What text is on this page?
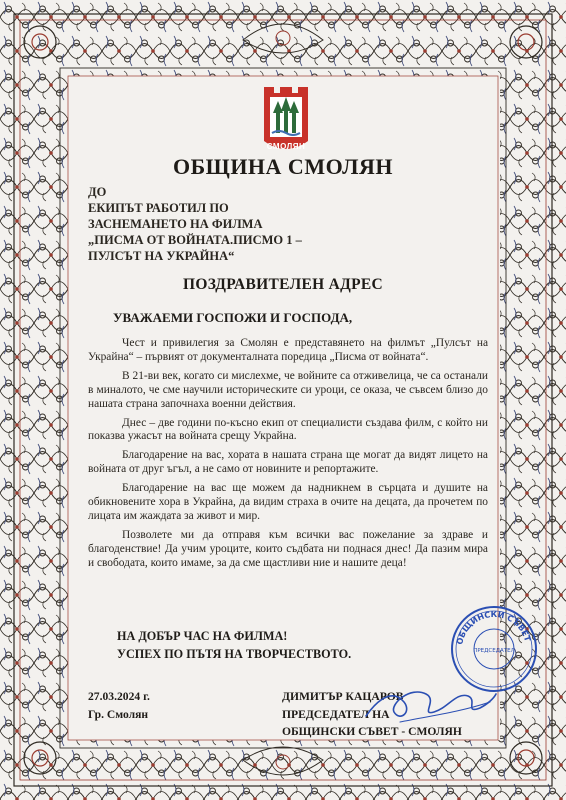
СМОЛЯН
ОБЩИНА СМОЛЯН
ДО
ЕКИПЪТ РАБОТИЛ ПО
ЗАСНЕМАНЕТО НА ФИЛМА
„ПИСМА ОТ ВОЙНАТА.ПИСМО 1 –
ПУЛСЪТ НА УКРАЙНА“
ПОЗДРАВИТЕЛЕН АДРЕС
УВАЖАЕМИ ГОСПОЖИ И ГОСПОДА,

Чест и привилегия за Смолян е представянето на филмът „Пулсът на Украйна“ – първият от документалната поредица „Писма от войната“.

В 21-ви век, когато си мислехме, че войните са отживелица, че са останали в миналото, че сме научили историческите си уроци, се оказа, че съвсем близо до нашата страна започнаха военни действия.

Днес – две години по-късно екип от специалисти създава филм, с който ни показва ужасът на войната срещу Украйна.

Благодарение на вас, хората в нашата страна ще могат да видят лицето на войната от друг ъгъл, а не само от новините и репортажите.

Благодарение на вас ще можем да надникнем в сърцата и душите на обикновените хора в Украйна, да видим страха в очите на децата, да прочетем по лицата им жаждата за живот и мир.

Позволете ми да отправя към всички вас пожелание за здраве и благоденствие! Да учим уроците, които съдбата ни поднася днес! Да пазим мира и свободата, които имаме, за да сме щастливи ние и нашите деца!

НА ДОБЪР ЧАС НА ФИЛМА!
УСПЕХ ПО ПЪТЯ НА ТВОРЧЕСТВОТО.
27.03.2024 г.
Гр. Смолян
ДИМИТЪР КАЦАРОВ
ПРЕДСЕДАТЕЛ НА
ОБЩИНСКИ СЪВЕТ - СМОЛЯН
ОБЩИНСКИ СЪВЕТ
ПРЕДСЕДАТЕЛ
